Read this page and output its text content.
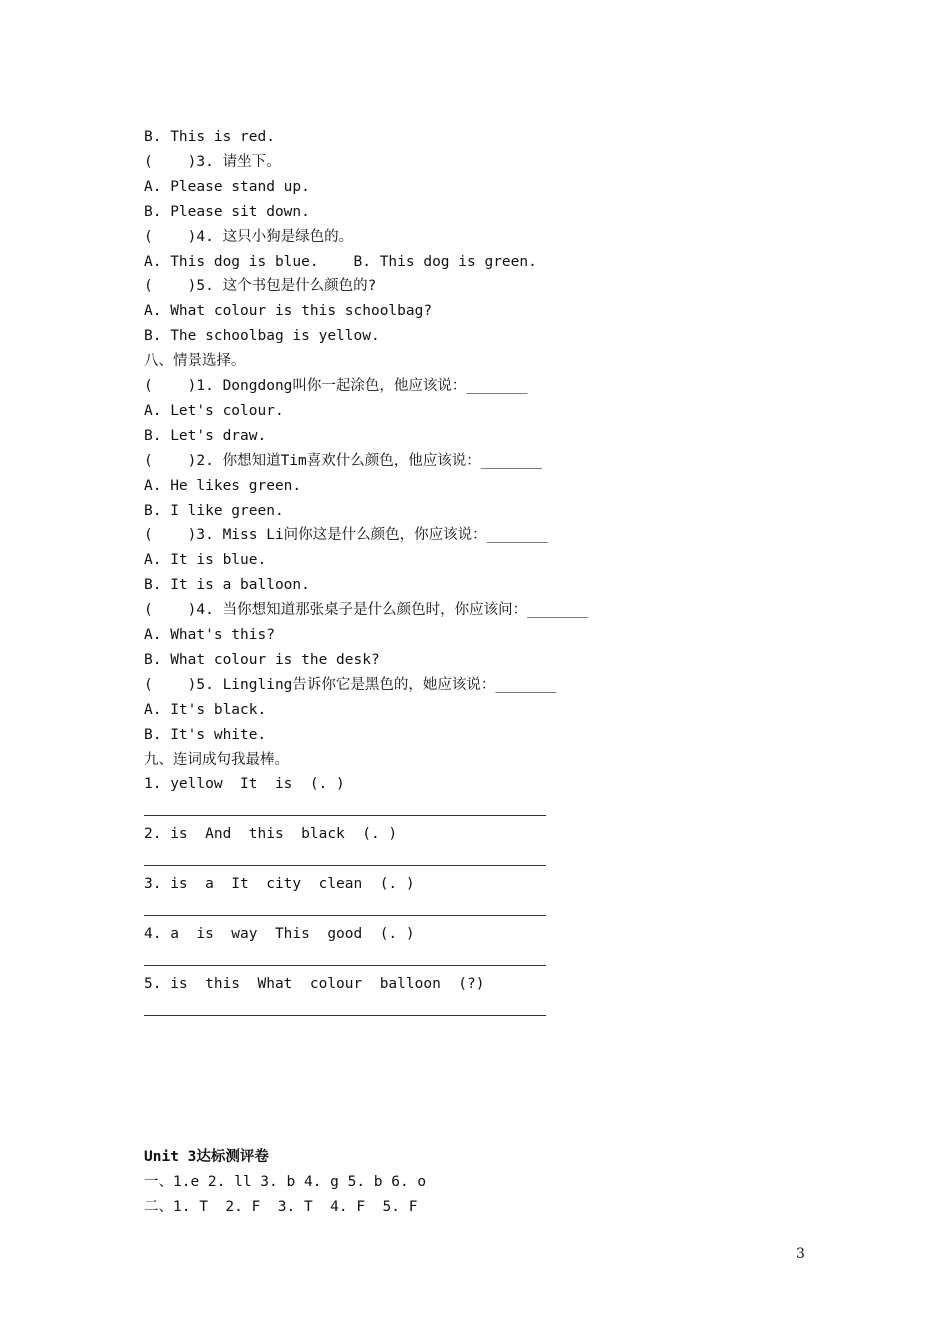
B. This is red.
(    )3. 请坐下。
A. Please stand up.
B. Please sit down.
(    )4. 这只小狗是绿色的。
A. This dog is blue.    B. This dog is green.
(    )5. 这个书包是什么颜色的?
A. What colour is this schoolbag?
B. The schoolbag is yellow.
八、情景选择。
(    )1. Dongdong叫你一起涂色，他应该说：_______
A. Let's colour.
B. Let's draw.
(    )2. 你想知道Tim喜欢什么颜色，他应该说：_______
A. He likes green.
B. I like green.
(    )3. Miss Li问你这是什么颜色，你应该说：_______
A. It is blue.
B. It is a balloon.
(    )4. 当你想知道那张桌子是什么颜色时，你应该问：_______
A. What's this?
B. What colour is the desk?
(    )5. Lingling告诉你它是黑色的，她应该说：_______
A. It's black.
B. It's white.
九、连词成句我最棒。
1. yellow  It  is  (. )
2. is  And  this  black  (. )
3. is  a  It  city  clean  (. )
4. a  is  way  This  good  (. )
5. is  this  What  colour  balloon  (?)
Unit 3达标测评卷
一、1.e 2. ll 3. b 4. g 5. b 6. o
二、1. T  2. F  3. T  4. F  5. F
3
